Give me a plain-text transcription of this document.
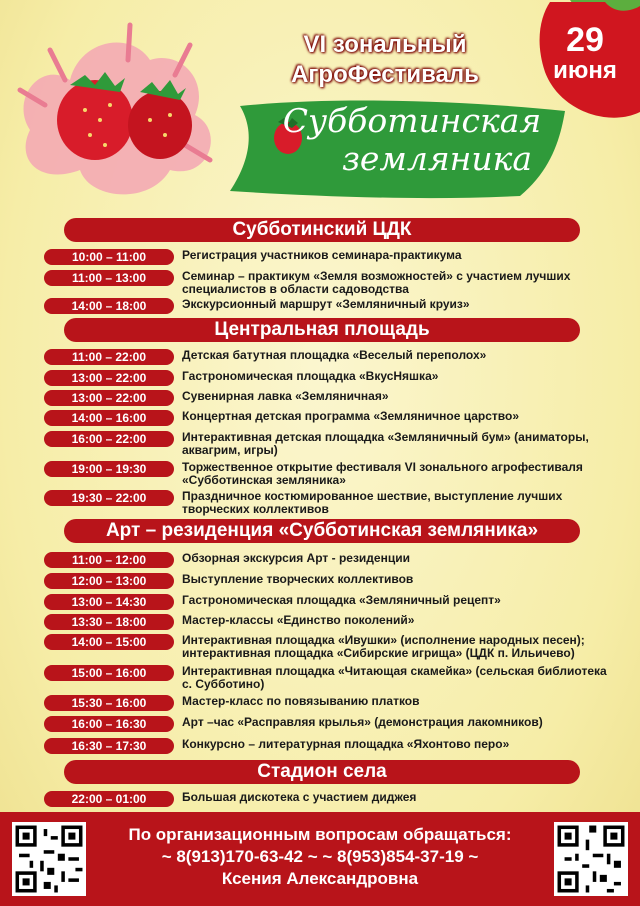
VI зональный
АгроФестиваль
29
июня
Субботинская
земляника
Субботинский ЦДК
10:00 – 11:00	Регистрация участников семинара-практикума
11:00 – 13:00	Семинар – практикум «Земля возможностей» с участием лучших специалистов в области садоводства
14:00 – 18:00	Экскурсионный маршрут «Земляничный круиз»
Центральная площадь
11:00 – 22:00	Детская батутная площадка «Веселый переполох»
13:00 – 22:00	Гастрономическая площадка «ВкусНяшка»
13:00 – 22:00	Сувенирная лавка «Земляничная»
14:00 – 16:00	Концертная детская программа «Земляничное царство»
16:00 – 22:00	Интерактивная детская площадка «Земляничный бум» (аниматоры, аквагрим, игры)
19:00 – 19:30	Торжественное открытие фестиваля VI зонального агрофестиваля «Субботинская земляника»
19:30 – 22:00	Праздничное костюмированное шествие, выступление лучших творческих коллективов
Арт – резиденция «Субботинская земляника»
11:00 – 12:00	Обзорная экскурсия Арт - резиденции
12:00 – 13:00	Выступление творческих коллективов
13:00 – 14:30	Гастрономическая площадка «Земляничный рецепт»
13:30 – 18:00	Мастер-классы «Единство поколений»
14:00 – 15:00	Интерактивная площадка «Ивушки» (исполнение народных песен); интерактивная площадка «Сибирские игрища» (ЦДК п. Ильичево)
15:00 – 16:00	Интерактивная площадка «Читающая скамейка» (сельская библиотека с. Субботино)
15:30 – 16:00	Мастер-класс по повязыванию платков
16:00 – 16:30	Арт –час «Расправляя крылья» (демонстрация лакомников)
16:30 – 17:30	Конкурсно – литературная площадка «Яхонтово перо»
Стадион села
22:00 – 01:00	Большая дискотека с участием диджея
По организационным вопросам обращаться:
~ 8(913)170-63-42 ~ ~ 8(953)854-37-19 ~
Ксения Александровна
